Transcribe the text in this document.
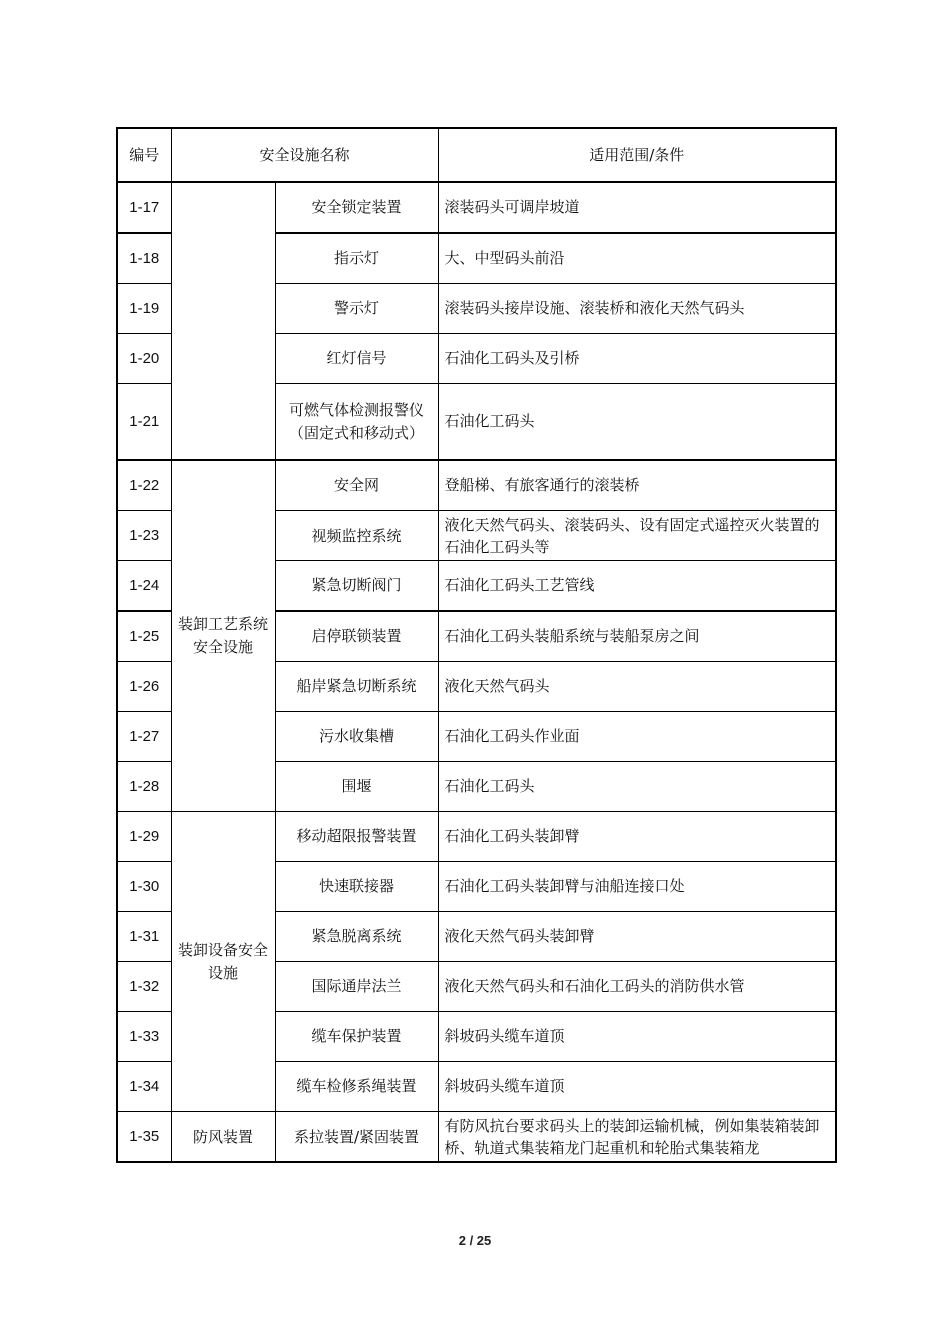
编号	安全设施名称		适用范围/条件
1-17		安全锁定装置	滚装码头可调岸坡道
1-18		指示灯	大、中型码头前沿
1-19		警示灯	滚装码头接岸设施、滚装桥和液化天然气码头
1-20		红灯信号	石油化工码头及引桥
1-21		可燃气体检测报警仪（固定式和移动式）	石油化工码头
1-22	装卸工艺系统安全设施	安全网	登船梯、有旅客通行的滚装桥
1-23		视频监控系统	液化天然气码头、滚装码头、设有固定式遥控灭火装置的石油化工码头等
1-24		紧急切断阀门	石油化工码头工艺管线
1-25		启停联锁装置	石油化工码头装船系统与装船泵房之间
1-26		船岸紧急切断系统	液化天然气码头
1-27		污水收集槽	石油化工码头作业面
1-28		围堰	石油化工码头
1-29	装卸设备安全设施	移动超限报警装置	石油化工码头装卸臂
1-30		快速联接器	石油化工码头装卸臂与油船连接口处
1-31		紧急脱离系统	液化天然气码头装卸臂
1-32		国际通岸法兰	液化天然气码头和石油化工码头的消防供水管
1-33		缆车保护装置	斜坡码头缆车道顶
1-34		缆车检修系绳装置	斜坡码头缆车道顶
1-35	防风装置	系拉装置/紧固装置	有防风抗台要求码头上的装卸运输机械，例如集装箱装卸桥、轨道式集装箱龙门起重机和轮胎式集装箱龙
2 / 25
